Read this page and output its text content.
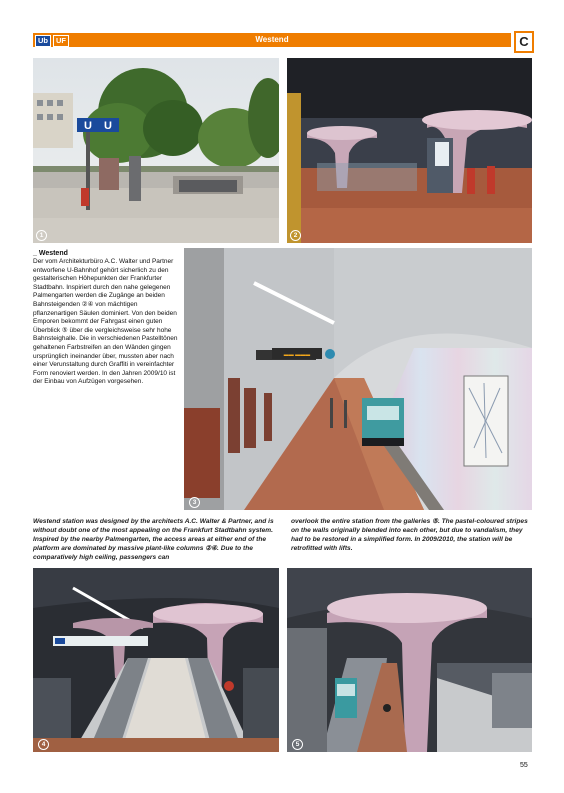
Ub	UF	Westend	C
U U
1	2
_ Westend

Der vom Architekturbüro A.C. Walter und Partner entworfene U-Bahnhof gehört sicherlich zu den gestalterischen Höhepunkten der Frankfurter Stadtbahn. Inspiriert durch den nahe gelegenen Palmengarten werden die Zugänge an beiden Bahnsteigenden ②④ von mächtigen pflanzenartigen Säulen dominiert. Von den beiden Emporen bekommt der Fahrgast einen guten Überblick ⑤ über die vergleichsweise sehr hohe Bahnsteighalle. Die in verschiedenen Pastelltönen gehaltenen Farbstreifen an den Wänden gingen ursprünglich ineinander über, mussten aber nach einer Verunstaltung durch Graffiti in vereinfachter Form renoviert werden. In den Jahren 2009/10 ist der Einbau von Aufzügen vorgesehen.

▬▬ ▬▬▬
3

Westend station was designed by the architects A.C. Walter & Partner, and is without doubt one of the most appealing on the Frankfurt Stadtbahn system. Inspired by the nearby Palmengarten, the access areas at either end of the platform are dominated by massive plant-like columns ②④. Due to the comparatively high ceiling, passengers can

overlook the entire station from the galleries ⑤. The pastel-coloured stripes on the walls originally blended into each other, but due to vandalism, they had to be restored in a simplified form. In 2009/2010, the station will be retrofitted with lifts.

4	5
55
